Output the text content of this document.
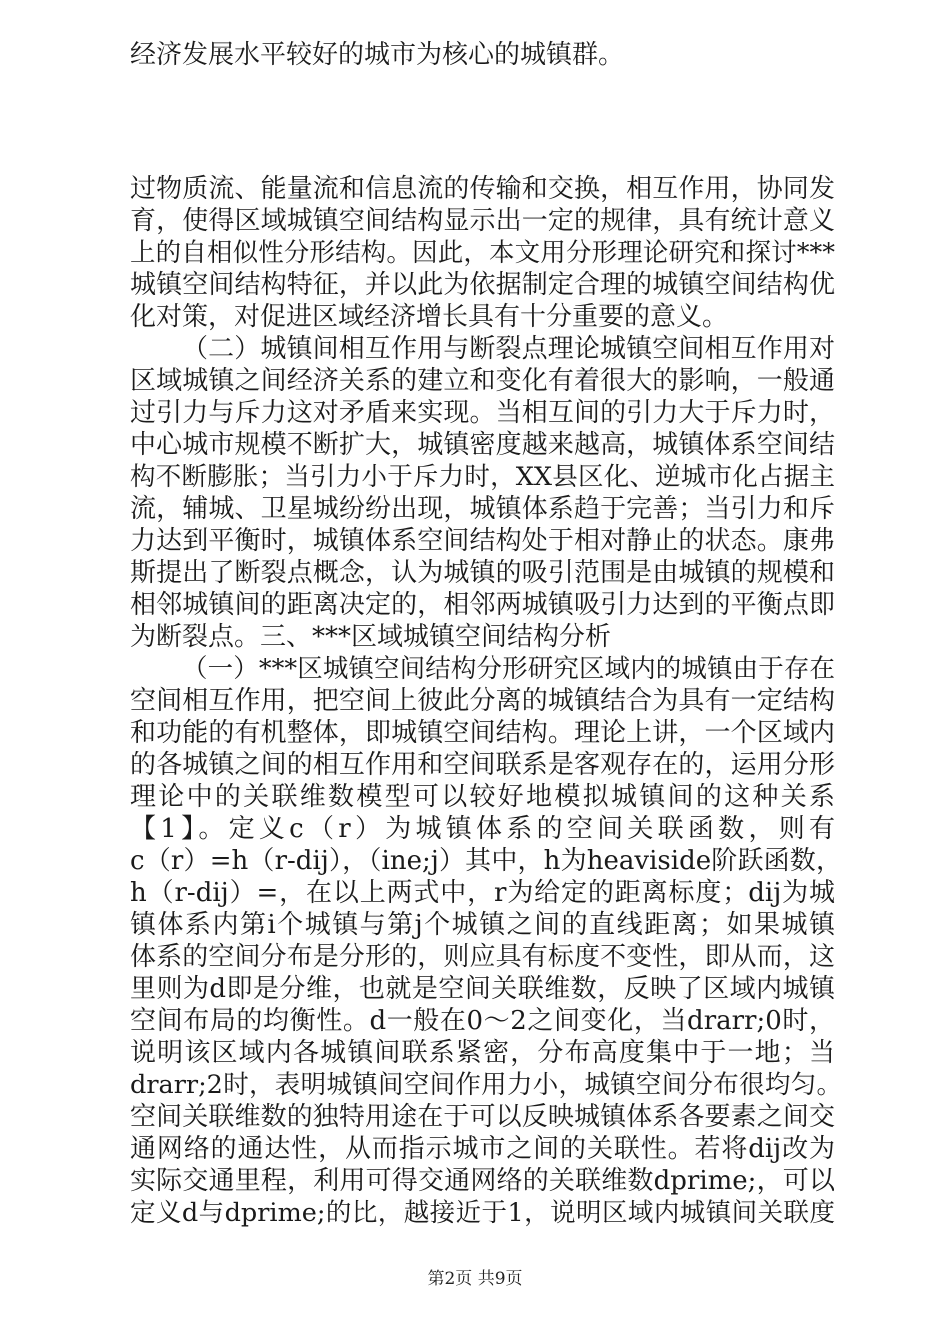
经济发展水平较好的城市为核心的城镇群。
过物质流、能量流和信息流的传输和交换，相互作用，协同发
育，使得区域城镇空间结构显示出一定的规律，具有统计意义
上的自相似性分形结构。因此，本文用分形理论研究和探讨***
城镇空间结构特征，并以此为依据制定合理的城镇空间结构优
化对策，对促进区域经济增长具有十分重要的意义。
（二）城镇间相互作用与断裂点理论城镇空间相互作用对
区域城镇之间经济关系的建立和变化有着很大的影响，一般通
过引力与斥力这对矛盾来实现。当相互间的引力大于斥力时，
中心城市规模不断扩大，城镇密度越来越高，城镇体系空间结
构不断膨胀；当引力小于斥力时，XX县区化、逆城市化占据主
流，辅城、卫星城纷纷出现，城镇体系趋于完善；当引力和斥
力达到平衡时，城镇体系空间结构处于相对静止的状态。康弗
斯提出了断裂点概念，认为城镇的吸引范围是由城镇的规模和
相邻城镇间的距离决定的，相邻两城镇吸引力达到的平衡点即
为断裂点。三、***区域城镇空间结构分析
（一）***区城镇空间结构分形研究区域内的城镇由于存在
空间相互作用，把空间上彼此分离的城镇结合为具有一定结构
和功能的有机整体，即城镇空间结构。理论上讲，一个区域内
的各城镇之间的相互作用和空间联系是客观存在的，运用分形
理论中的关联维数模型可以较好地模拟城镇间的这种关系
【1】。定义c（r）为城镇体系的空间关联函数，则有
c（r）=h（r-dij），（ine;j）其中，h为heaviside阶跃函数，
h（r-dij）=，在以上两式中，r为给定的距离标度；dij为城
镇体系内第i个城镇与第j个城镇之间的直线距离；如果城镇
体系的空间分布是分形的，则应具有标度不变性，即从而，这
里则为d即是分维，也就是空间关联维数，反映了区域内城镇
空间布局的均衡性。d一般在0～2之间变化，当drarr;0时，
说明该区域内各城镇间联系紧密，分布高度集中于一地；当
drarr;2时，表明城镇间空间作用力小，城镇空间分布很均匀。
空间关联维数的独特用途在于可以反映城镇体系各要素之间交
通网络的通达性，从而指示城市之间的关联性。若将dij改为
实际交通里程，利用可得交通网络的关联维数dprime;，可以
定义d与dprime;的比，越接近于1，说明区域内城镇间关联度
第2页 共9页
